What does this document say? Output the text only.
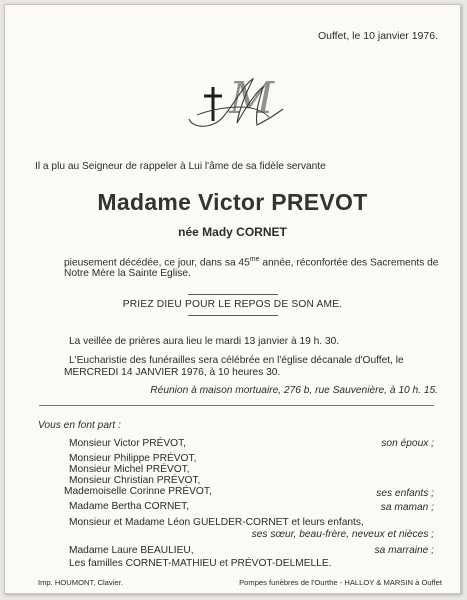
Ouffet, le 10 janvier 1976.
M
Il a plu au Seigneur de rappeler à Lui l'âme de sa fidèle servante
Madame Victor PREVOT
née Mady CORNET
pieusement décédée, ce jour, dans sa $45^{me}$ année, réconfortée des Sacrements de
Notre Mère la Sainte Eglise.
PRIEZ DIEU POUR LE REPOS DE SON AME.
La veillée de prières aura lieu le mardi 13 janvier à 19 h. 30.
L'Eucharistie des funérailles sera célébrée en l'église décanale d'Ouffet, le
MERCREDI 14 JANVIER 1976, à 10 heures 30.
Réunion à maison mortuaire, 276 b, rue Sauvenière, à 10 h. 15.
Vous en font part :
Monsieur Victor PRÉVOT,	son époux ;
Monsieur Philippe PRÉVOT,
Monsieur Michel PRÉVOT,
Monsieur Christian PRÉVOT,
Mademoiselle Corinne PRÉVOT,	ses enfants ;
Madame Bertha CORNET,	sa maman ;
Monsieur et Madame Léon GUELDER-CORNET et leurs enfants,
ses sœur, beau-frère, neveux et nièces ;
Madame Laure BEAULIEU,	sa marraine ;
Les familles CORNET-MATHIEU et PRÉVOT-DELMELLE.
Imp. HOUMONT, Clavier.	Pompes funèbres de l'Ourthe - HALLOY & MARSIN à Ouffet
